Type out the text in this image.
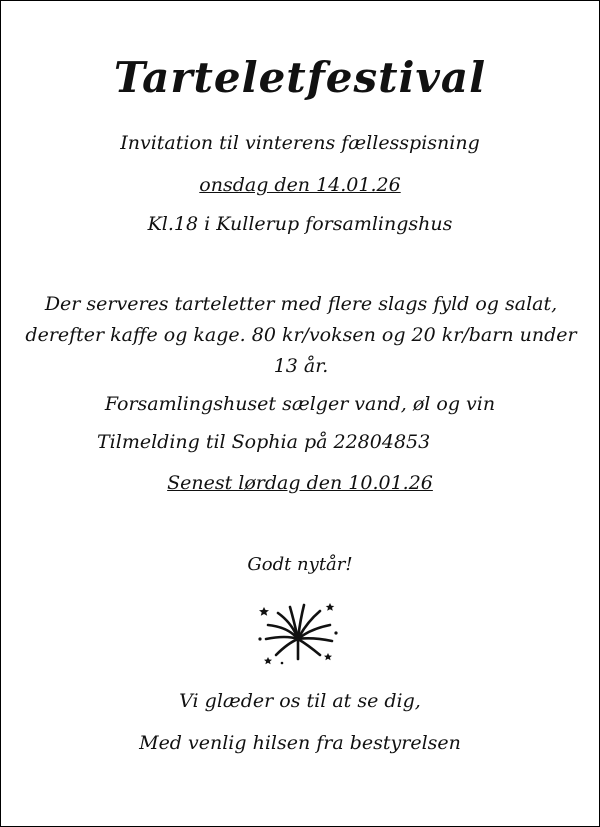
Tarteletfestival
Invitation til vinterens fællesspisning
onsdag den 14.01.26
Kl.18 i Kullerup forsamlingshus
Der serveres tarteletter med flere slags fyld og salat, derefter kaffe og kage. 80 kr/voksen og 20 kr/barn under 13 år.
Forsamlingshuset sælger vand, øl og vin
Tilmelding til Sophia på 22804853
Senest lørdag den 10.01.26
Godt nytår!
Vi glæder os til at se dig,
Med venlig hilsen fra bestyrelsen
